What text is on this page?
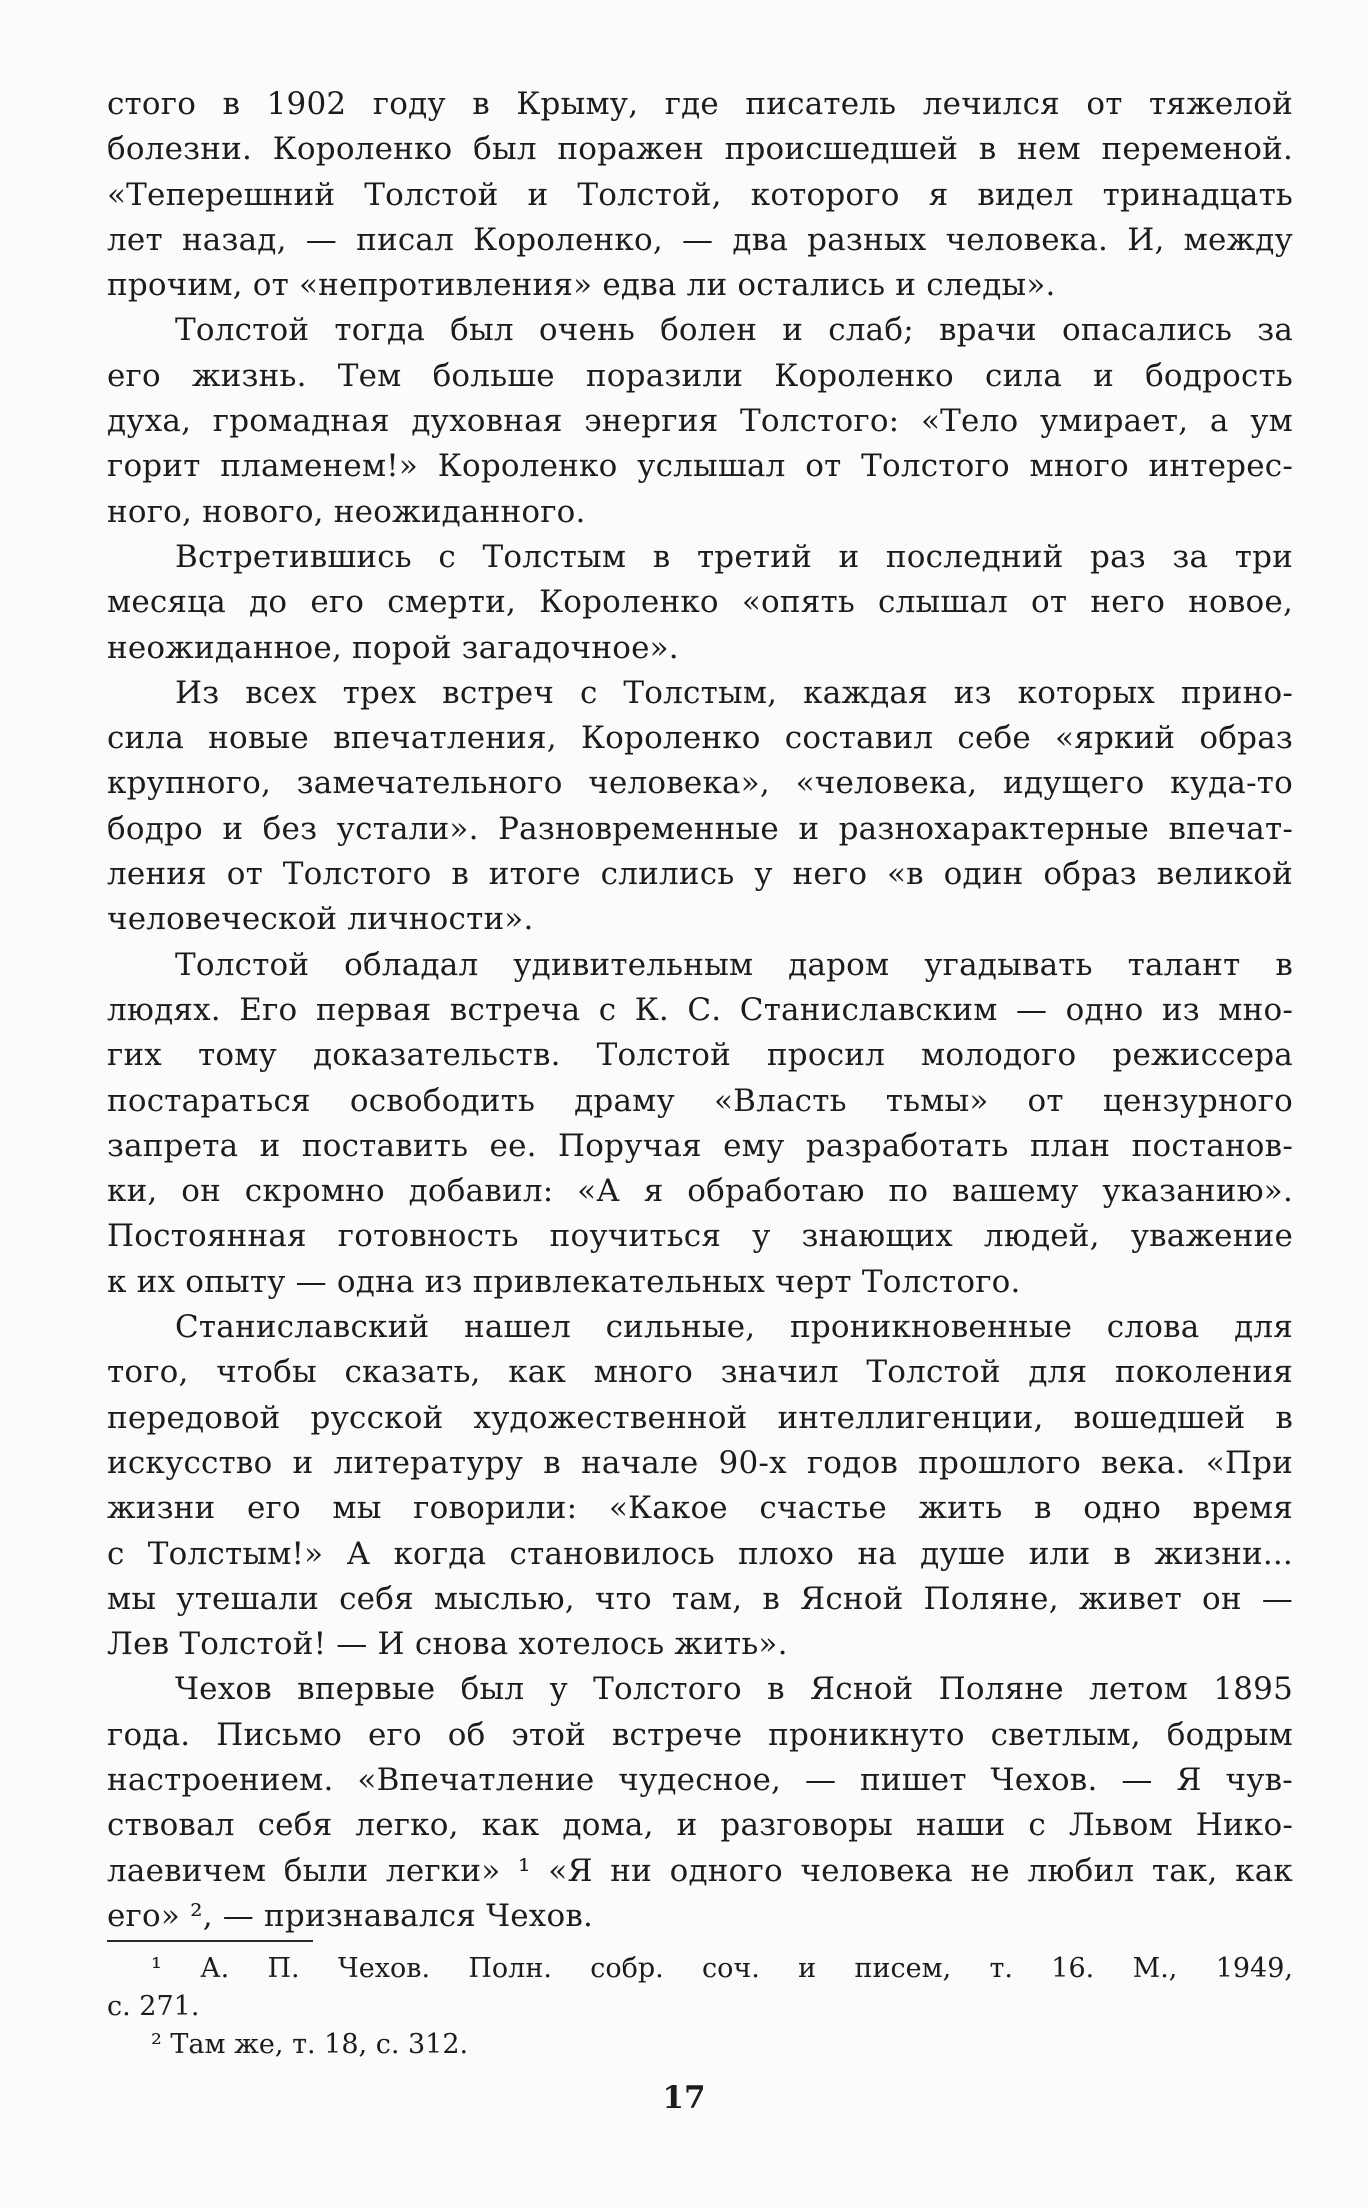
стого в 1902 году в Крыму, где писатель лечился от тяжелой
болезни. Короленко был поражен происшедшей в нем переменой.
«Теперешний Толстой и Толстой, которого я видел тринадцать
лет назад, — писал Короленко, — два разных человека. И, между
прочим, от «непротивления» едва ли остались и следы».
Толстой тогда был очень болен и слаб; врачи опасались за
его жизнь. Тем больше поразили Короленко сила и бодрость
духа, громадная духовная энергия Толстого: «Тело умирает, а ум
горит пламенем!» Короленко услышал от Толстого много интерес-
ного, нового, неожиданного.
Встретившись с Толстым в третий и последний раз за три
месяца до его смерти, Короленко «опять слышал от него новое,
неожиданное, порой загадочное».
Из всех трех встреч с Толстым, каждая из которых прино-
сила новые впечатления, Короленко составил себе «яркий образ
крупного, замечательного человека», «человека, идущего куда-то
бодро и без устали». Разновременные и разнохарактерные впечат-
ления от Толстого в итоге слились у него «в один образ великой
человеческой личности».
Толстой обладал удивительным даром угадывать талант в
людях. Его первая встреча с К. С. Станиславским — одно из мно-
гих тому доказательств. Толстой просил молодого режиссера
постараться освободить драму «Власть тьмы» от цензурного
запрета и поставить ее. Поручая ему разработать план постанов-
ки, он скромно добавил: «А я обработаю по вашему указанию».
Постоянная готовность поучиться у знающих людей, уважение
к их опыту — одна из привлекательных черт Толстого.
Станиславский нашел сильные, проникновенные слова для
того, чтобы сказать, как много значил Толстой для поколения
передовой русской художественной интеллигенции, вошедшей в
искусство и литературу в начале 90-х годов прошлого века. «При
жизни его мы говорили: «Какое счастье жить в одно время
с Толстым!» А когда становилось плохо на душе или в жизни...
мы утешали себя мыслью, что там, в Ясной Поляне, живет он —
Лев Толстой! — И снова хотелось жить».
Чехов впервые был у Толстого в Ясной Поляне летом 1895
года. Письмо его об этой встрече проникнуто светлым, бодрым
настроением. «Впечатление чудесное, — пишет Чехов. — Я чув-
ствовал себя легко, как дома, и разговоры наши с Львом Нико-
лаевичем были легки» ¹ «Я ни одного человека не любил так, как
его» ², — признавался Чехов.
¹ А. П. Чехов. Полн. собр. соч. и писем, т. 16. М., 1949,
с. 271.
² Там же, т. 18, с. 312.
17
